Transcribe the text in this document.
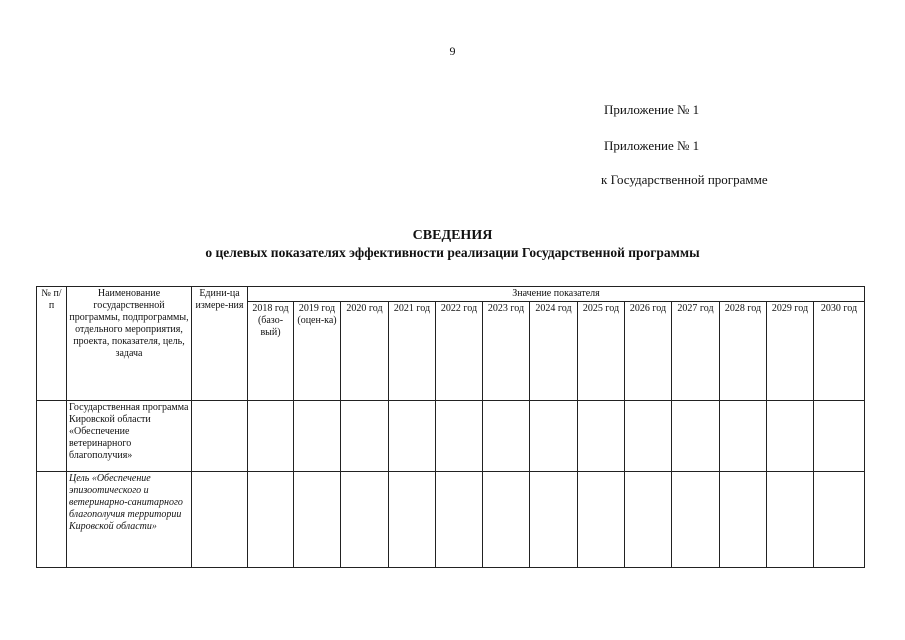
9
Приложение № 1
Приложение № 1
к Государственной программе
СВЕДЕНИЯ
о целевых показателях эффективности реализации Государственной программы
№ п/п	Наименование государственной программы, подпрограммы, отдельного мероприятия, проекта, показателя, цель, задача	Едини-ца измере-ния	Значение показателя												
			2018 год (базо-вый)	2019 год (оцен-ка)	2020 год	2021 год	2022 год	2023 год	2024 год	2025 год	2026 год	2027 год	2028 год	2029 год	2030 год
	Государственная программа Кировской области «Обеспечение ветеринарного благополучия»														
	Цель «Обеспечение эпизоотического и ветеринарно-санитарного благополучия территории Кировской области»														
